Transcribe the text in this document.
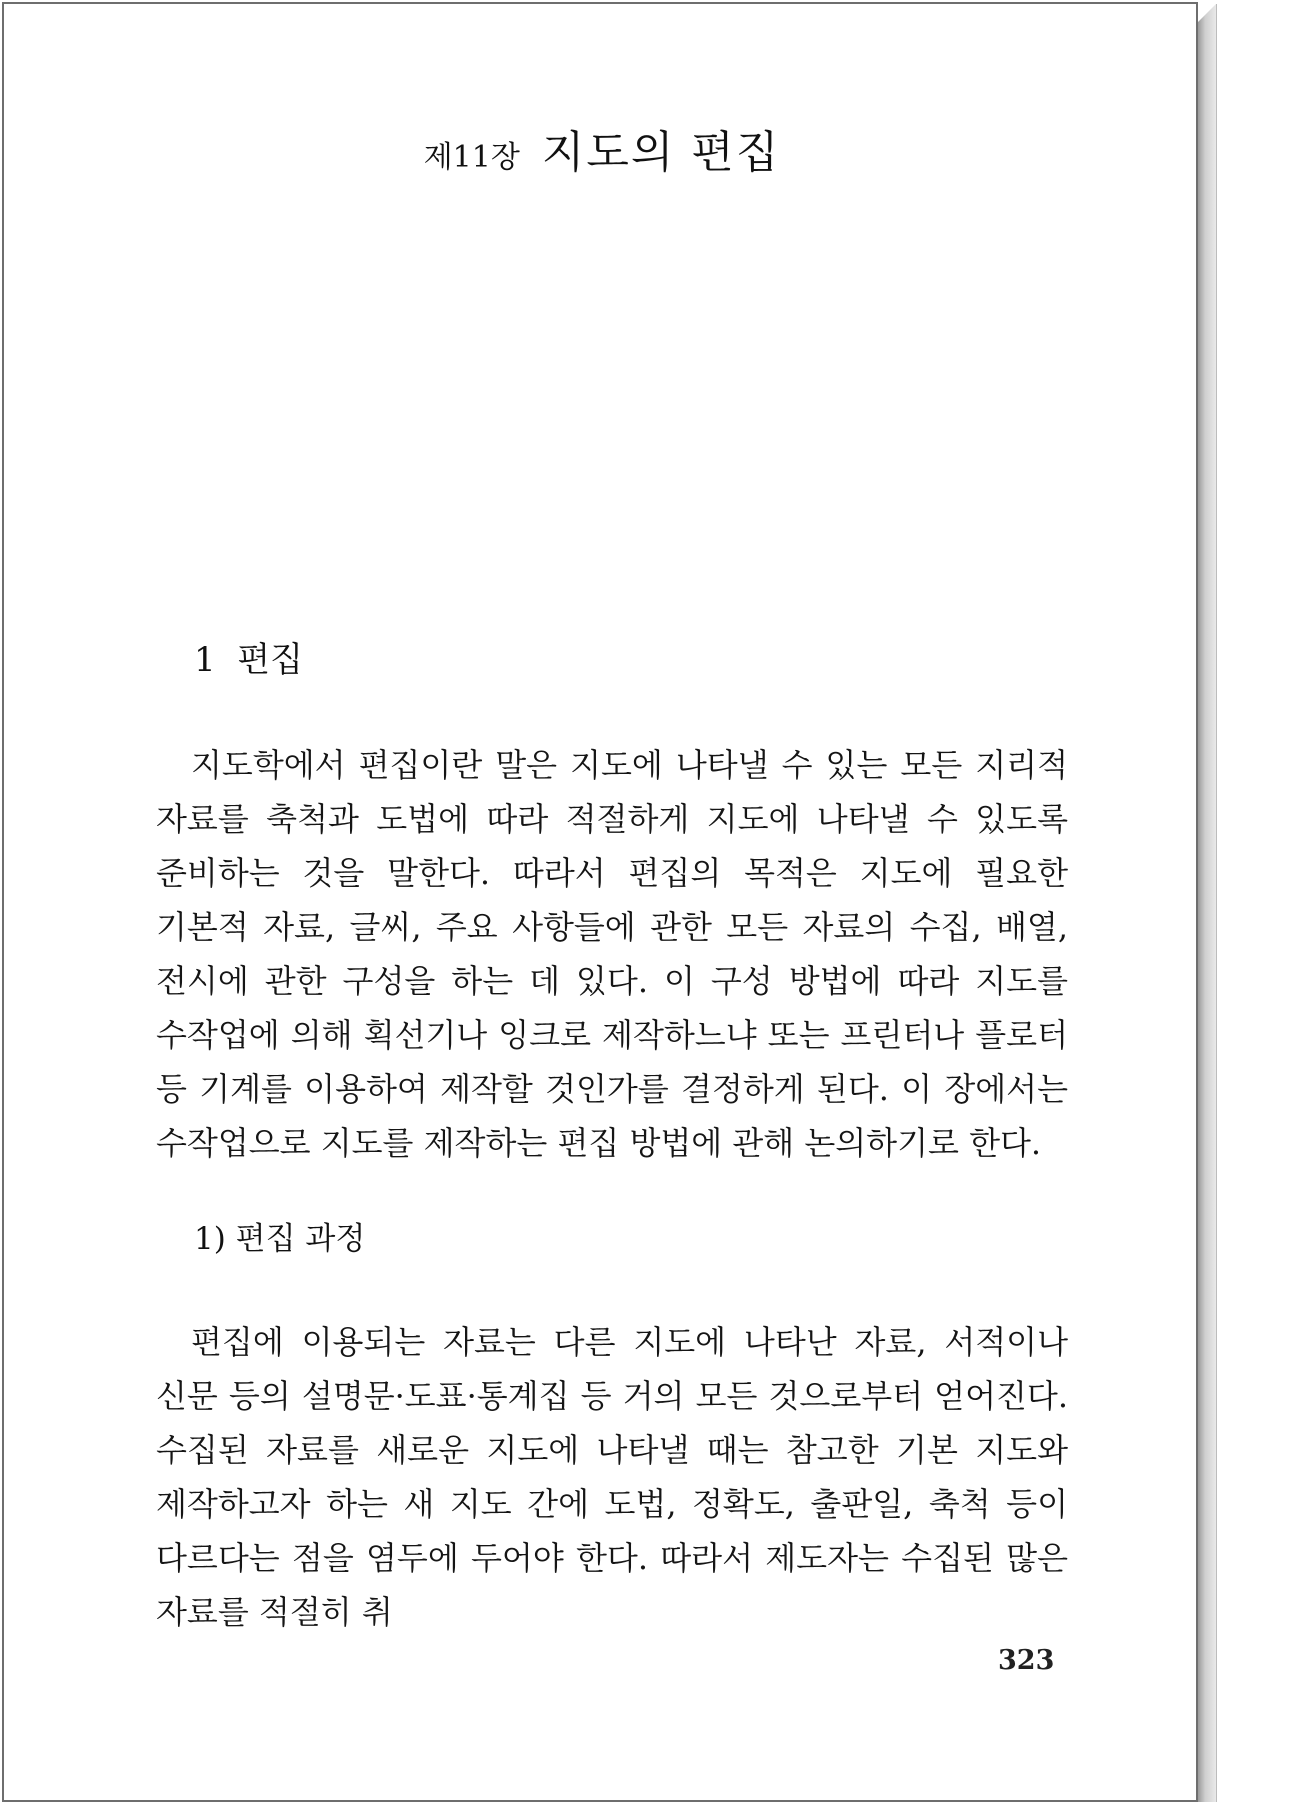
제11장 지도의 편집
1  편집

지도학에서 편집이란 말은 지도에 나타낼 수 있는 모든 지리적 자료를 축척과 도법에 따라 적절하게 지도에 나타낼 수 있도록 준비하는 것을 말한다. 따라서 편집의 목적은 지도에 필요한 기본적 자료, 글씨, 주요 사항들에 관한 모든 자료의 수집, 배열, 전시에 관한 구성을 하는 데 있다. 이 구성 방법에 따라 지도를 수작업에 의해 획선기나 잉크로 제작하느냐 또는 프린터나 플로터 등 기계를 이용하여 제작할 것인가를 결정하게 된다. 이 장에서는 수작업으로 지도를 제작하는 편집 방법에 관해 논의하기로 한다.

1) 편집 과정

편집에 이용되는 자료는 다른 지도에 나타난 자료, 서적이나 신문 등의 설명문·도표·통계집 등 거의 모든 것으로부터 얻어진다. 수집된 자료를 새로운 지도에 나타낼 때는 참고한 기본 지도와 제작하고자 하는 새 지도 간에 도법, 정확도, 출판일, 축척 등이 다르다는 점을 염두에 두어야 한다. 따라서 제도자는 수집된 많은 자료를 적절히 취

323
